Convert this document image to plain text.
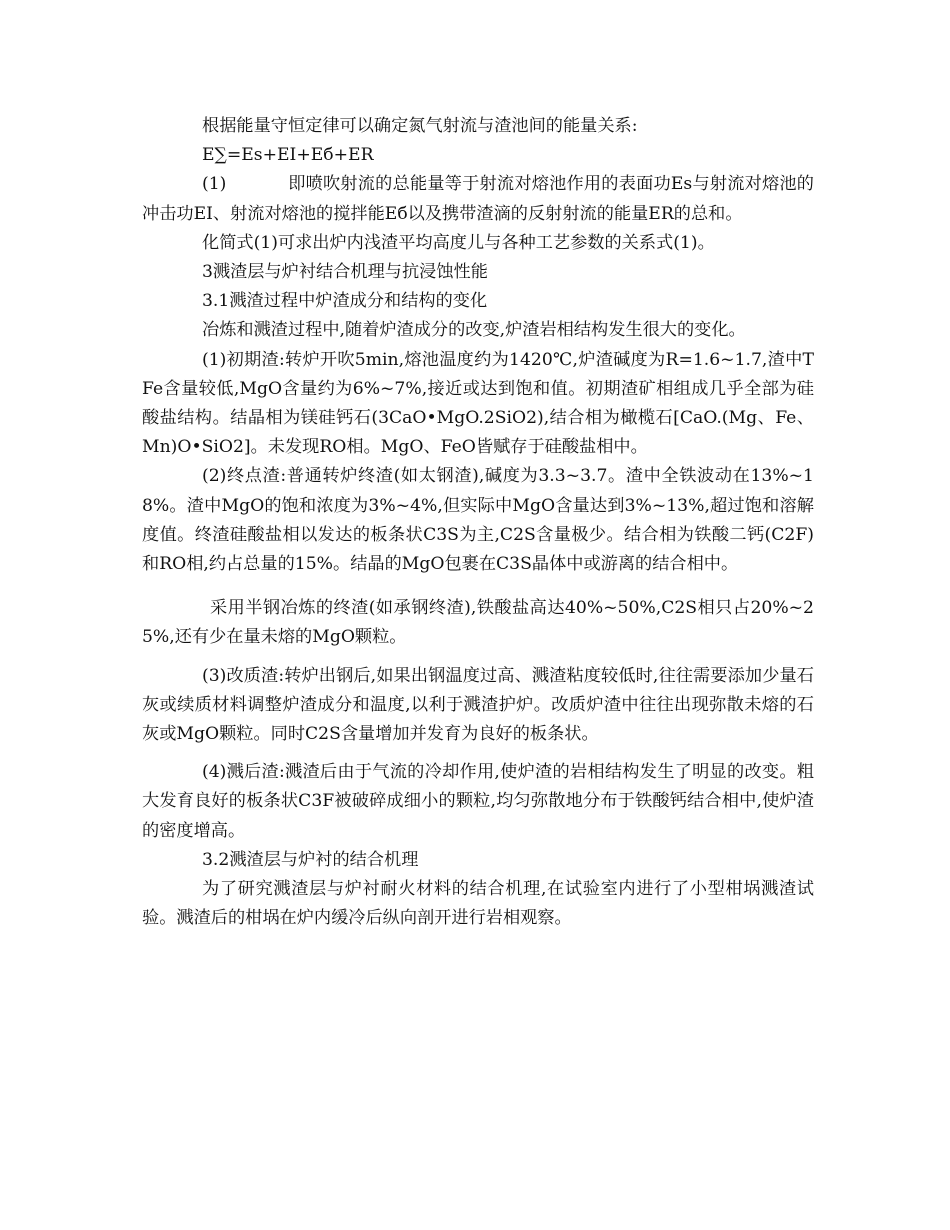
根据能量守恒定律可以确定氮气射流与渣池间的能量关系:

E∑=Es+EI+Eб+ER

(1)	即喷吹射流的总能量等于射流对熔池作用的表面功Es与射流对熔池的冲击功EI、射流对熔池的搅拌能Eб以及携带渣滴的反射射流的能量ER的总和。

化简式(1)可求出炉内浅渣平均高度儿与各种工艺参数的关系式(1)。

3溅渣层与炉衬结合机理与抗浸蚀性能

3.1溅渣过程中炉渣成分和结构的变化

冶炼和溅渣过程中,随着炉渣成分的改变,炉渣岩相结构发生很大的变化。

(1)初期渣:转炉开吹5min,熔池温度约为1420℃,炉渣碱度为R=1.6~1.7,渣中TFe含量较低,MgO含量约为6%~7%,接近或达到饱和值。初期渣矿相组成几乎全部为硅酸盐结构。结晶相为镁硅钙石(3CaO•MgO.2SiO2),结合相为橄榄石[CaO.(Mg、Fe、Mn)O•SiO2]。未发现RO相。MgO、FeO皆赋存于硅酸盐相中。

(2)终点渣:普通转炉终渣(如太钢渣),碱度为3.3~3.7。渣中全铁波动在13%~18%。渣中MgO的饱和浓度为3%~4%,但实际中MgO含量达到3%~13%,超过饱和溶解度值。终渣硅酸盐相以发达的板条状C3S为主,C2S含量极少。结合相为铁酸二钙(C2F)和RO相,约占总量的15%。结晶的MgO包裹在C3S晶体中或游离的结合相中。

采用半钢冶炼的终渣(如承钢终渣),铁酸盐高达40%~50%,C2S相只占20%~25%,还有少在量未熔的MgO颗粒。

(3)改质渣:转炉出钢后,如果出钢温度过高、溅渣粘度较低时,往往需要添加少量石灰或续质材料调整炉渣成分和温度,以利于溅渣护炉。改质炉渣中往往出现弥散未熔的石灰或MgO颗粒。同时C2S含量增加并发育为良好的板条状。

(4)溅后渣:溅渣后由于气流的冷却作用,使炉渣的岩相结构发生了明显的改变。粗大发育良好的板条状C3F被破碎成细小的颗粒,均匀弥散地分布于铁酸钙结合相中,使炉渣的密度增高。

3.2溅渣层与炉衬的结合机理

为了研究溅渣层与炉衬耐火材料的结合机理,在试验室内进行了小型柑埚溅渣试验。溅渣后的柑埚在炉内缓冷后纵向剖开进行岩相观察。
